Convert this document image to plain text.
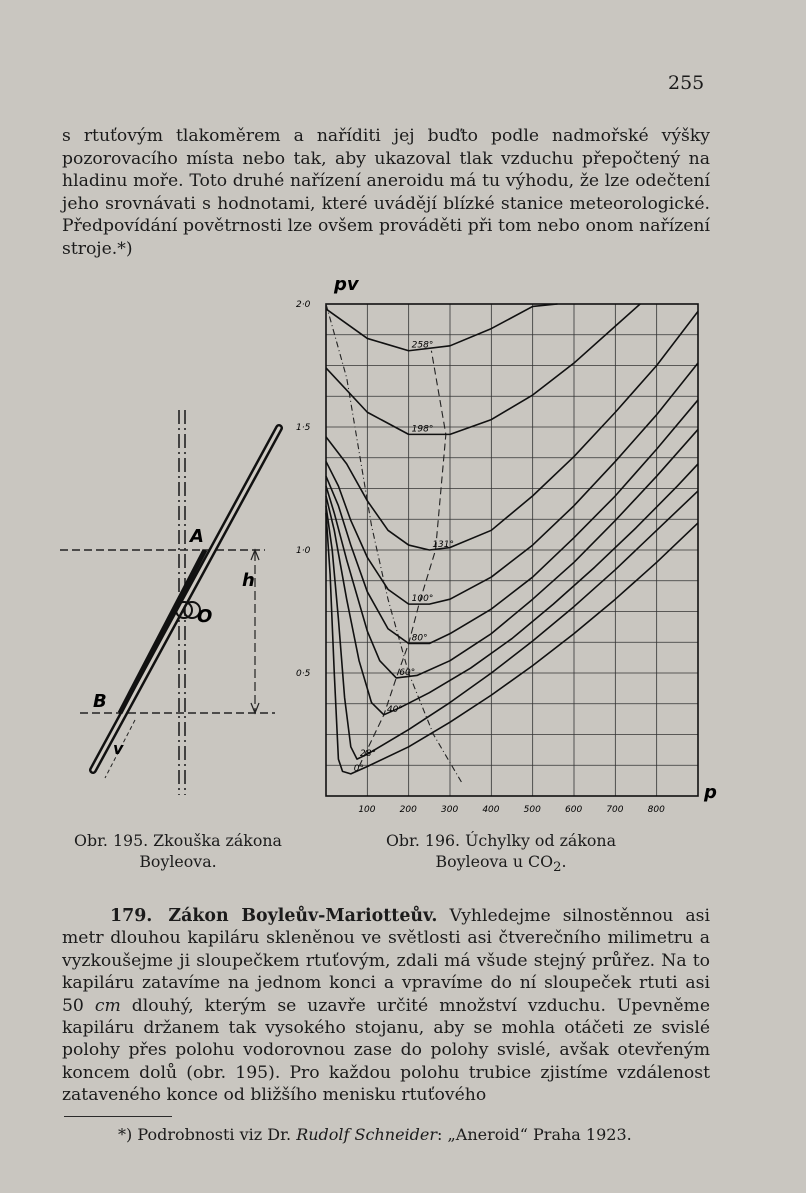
255

s rtuťovým tlakoměrem a naříditi jej buďto podle nadmořské výšky pozorovacího místa nebo tak, aby ukazoval tlak vzduchu přepočtený na hladinu moře. Toto druhé nařízení aneroidu má tu výhodu, že lze odečtení jeho srovnávati s hodnotami, které uvádějí blízké stanice meteorologické. Předpovídání povětrnosti lze ovšem prováděti při tom nebo onom nařízení stroje.*)

A
O
h
B
v
100	200	300	400	500	600	700	800
2·0
1·5
1·0
0·5
pv
p
258°
198°
131°
100°
80°
60°
40°
28°
0°
Obr. 195. Zkouška zákona
Boyleova.
Obr. 196. Úchylky od zákona
Boyleova u $CO_2$.

179. Zákon Boyleův-Mariotteův. Vyhledejme silnostěnnou asi metr dlouhou kapiláru skleněnou ve světlosti asi čtverečního milimetru a vyzkoušejme ji sloupečkem rtuťovým, zdali má všude stejný průřez. Na to kapiláru zatavíme na jednom konci a vpravíme do ní sloupeček rtuti asi 50 cm dlouhý, kterým se uzavře určité množství vzduchu. Upevněme kapiláru držanem tak vysokého stojanu, aby se mohla otáčeti ze svislé polohy přes polohu vodorovnou zase do polohy svislé, avšak otevřeným koncem dolů (obr. 195). Pro každou polohu trubice zjistíme vzdálenost zataveného konce od bližšího menisku rtuťového

*) Podrobnosti viz Dr. Rudolf Schneider: „Aneroid“ Praha 1923.
